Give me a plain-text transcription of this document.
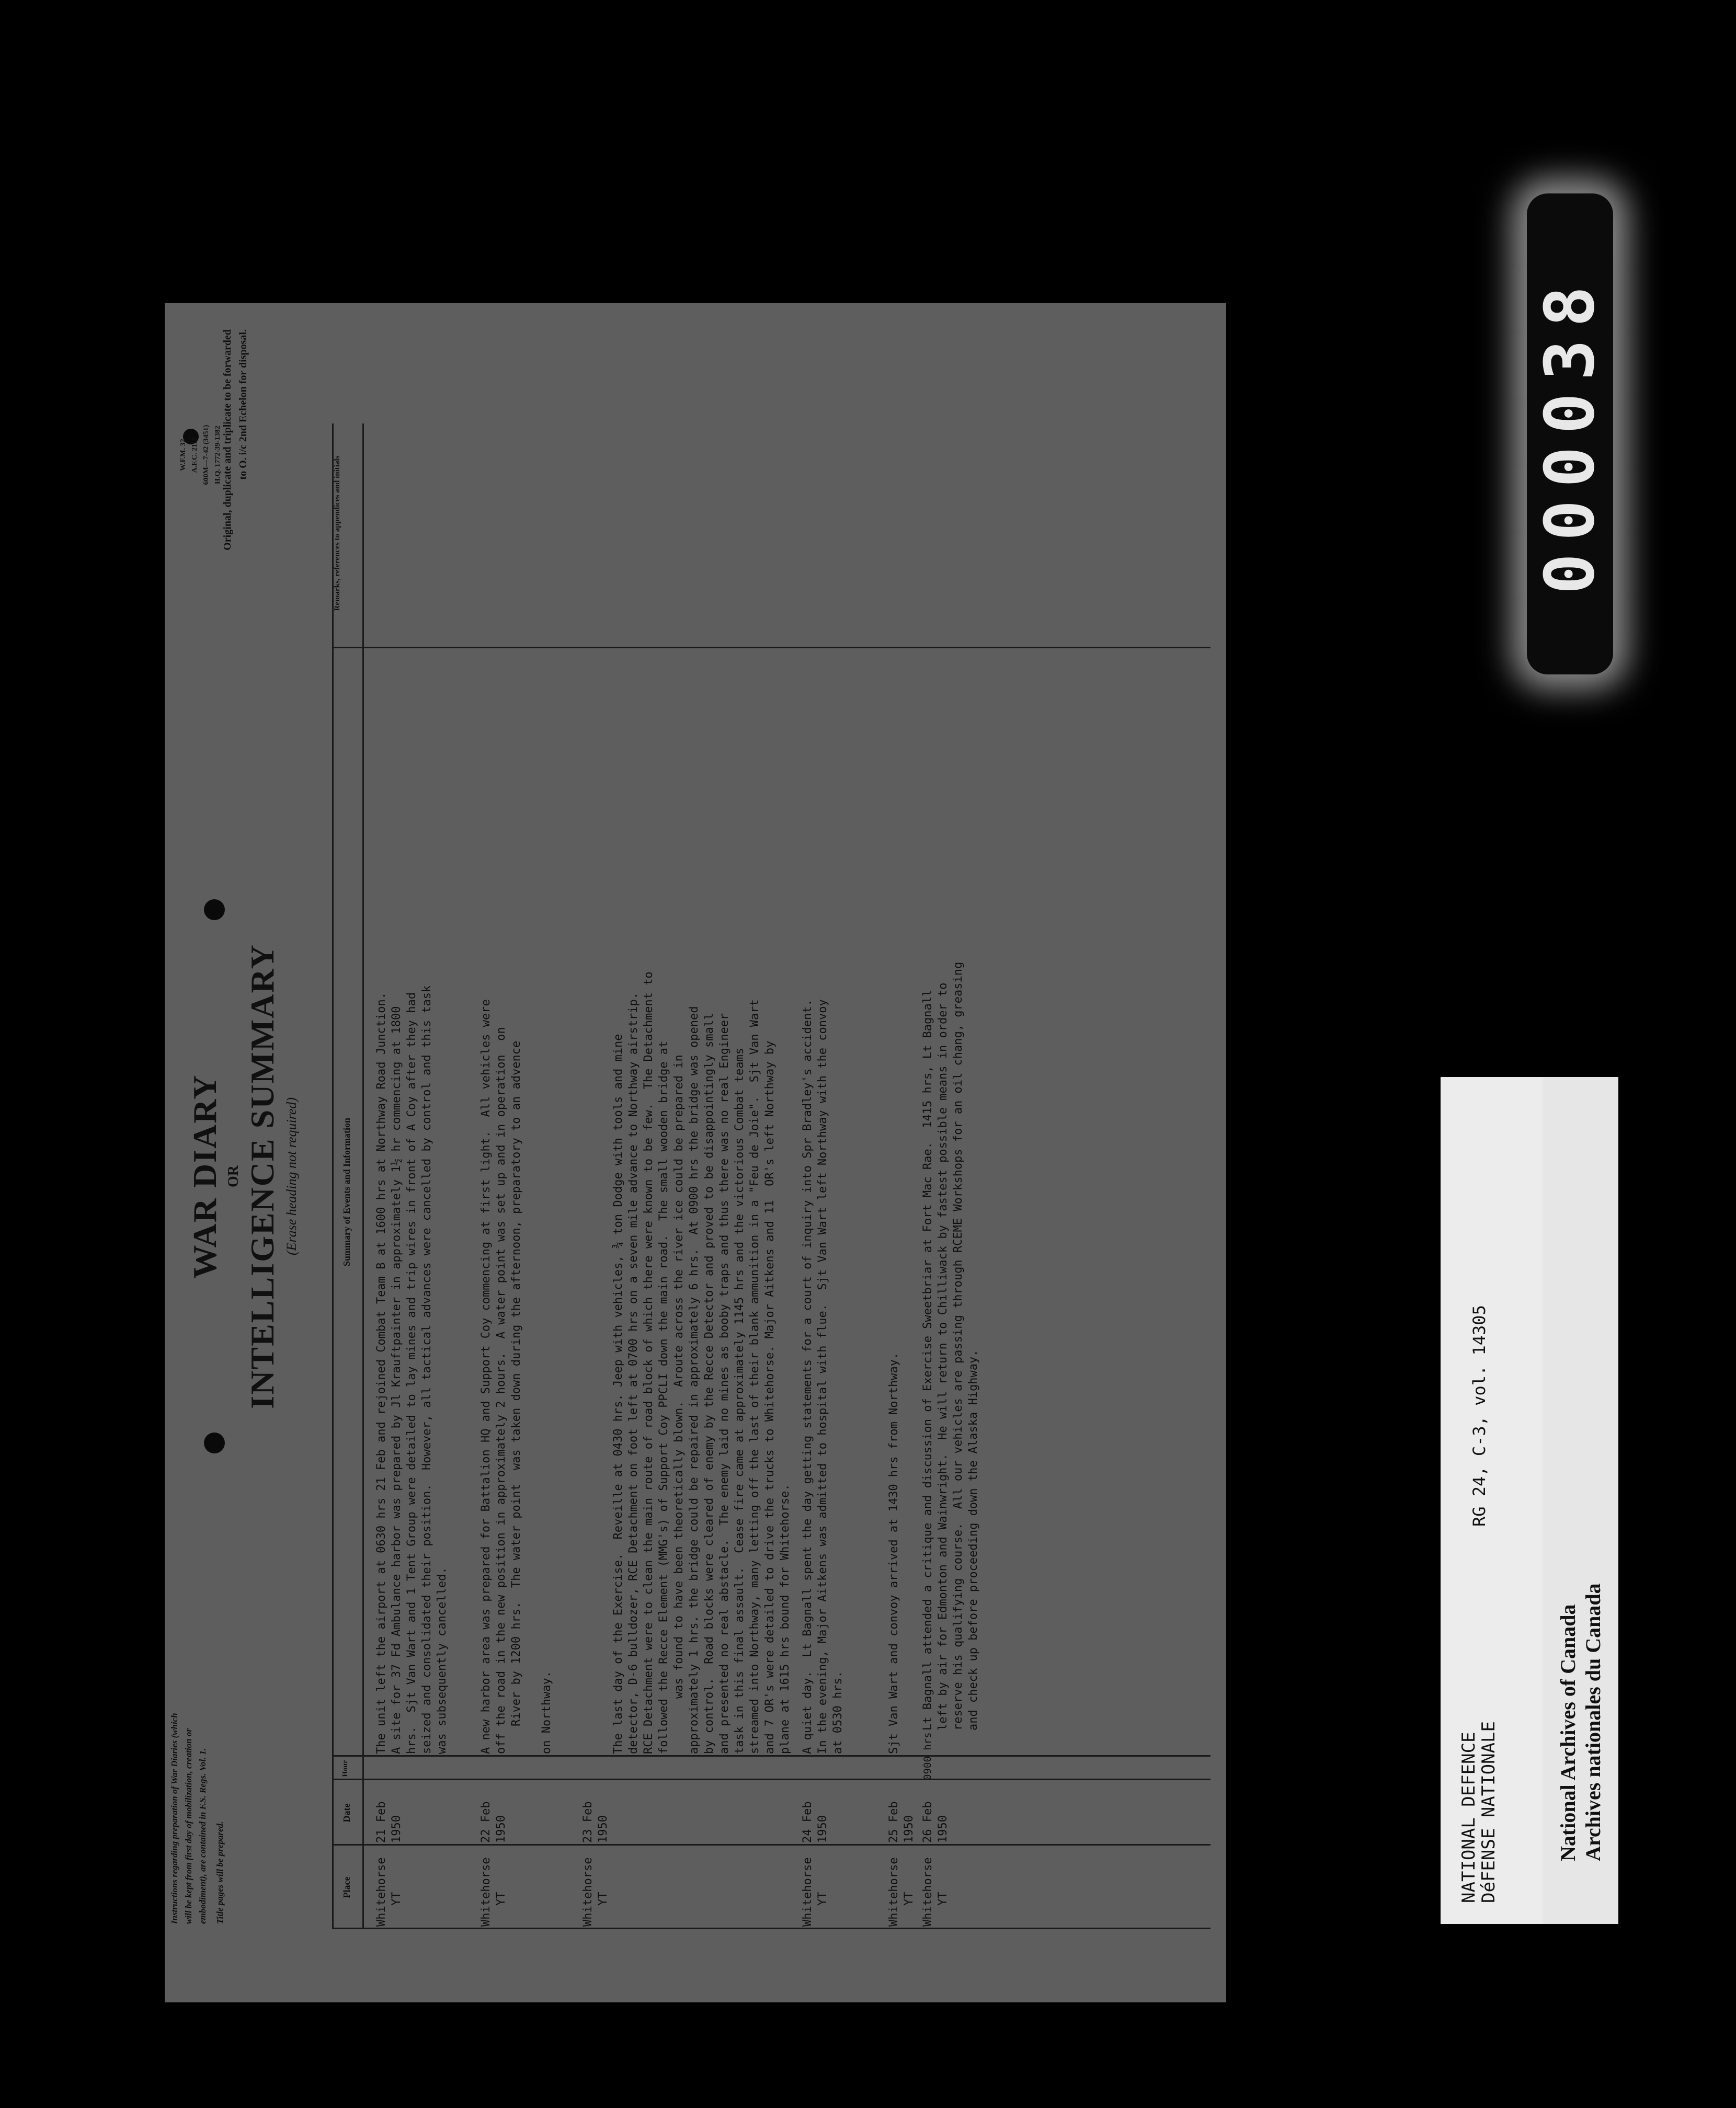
Instructions regarding preparation of War Diaries (which will be kept from first day of mobilization, creation or embodiment), are contained in F.S. Regs. Vol. 1. Title pages will be prepared.
WAR DIARY OR INTELLIGENCE SUMMARY (Erase heading not required)
W.F.M. 32 A.F.C. 2118 600M—7-42 (3451) H.Q. 1772-39-1382 Original, duplicate and triplicate to be forwarded to O. i/c 2nd Echelon for disposal.
Place
Date
Hour
Summary of Events and Information
Remarks, references to appendices and initials
Whitehorse YT
21 Feb 1950
The unit left the airport at 0630 hrs 21 Feb and rejoined Combat Team B at 1600 hrs at Northway Road Junction. A site for 37 Fd Ambulance harbor was prepared by Jl Krauftpainter in approximately 1½ hr commencing at 1800 hrs.  Sjt Van Wart and 1 Tent Group were detailed to lay mines and trip wires in front of A Coy after they had seized and consolidated their position.  However, all tactical advances were cancelled by control and this task was subsequently cancelled.
Whitehorse YT
22 Feb 1950
A new harbor area was prepared for Battalion HQ and Support Coy commencing at first light.  All vehicles were off the road in the new position in approximately 2 hours.  A water point was set up and in operation  on River by 1200 hrs.  The water point  was taken down during the afternoon, preparatory to an advence
on Northway.
Whitehorse YT
23 Feb 1950

The last day of the Exercise.  Reveille at 0430 hrs. Jeep with vehicles, ¾ ton Dodge with tools and mine detector, D-6 bulldozer, RCE Detachment on foot left at 0700 hrs on a seven mile advance to Northway airstrip. RCE Detachment were to clean the main route of road block of which there were known to be few.  The Detachment to followed the Recce Element (MMG's) of Support Coy PPCLI down the main road.  The small wooden bridge at was found to have been theoretically blown.  Aroute across the river ice could be prepared in approximately 1 hrs. the bridge could be repaired in approximately 6 hrs.  At 0900 hrs the bridge was opened by control.  Road blocks were cleared of enemy by the Recce Detector and proved to be disappointingly small and presented no real abstacle.  The enemy laid no mines as booby traps and thus there was no real Engineer task in this final assault.  Cease fire came at approximately 1145 hrs and the victorious Combat teams streamed into Northway, many letting off the last of their blank ammunition in a "Feu de Joie".  Sjt Van Wart and 7 OR's were detailed to drive the trucks to Whitehorse. Major Aitkens and 11  OR's left Northway by plane at 1615 hrs bound for Whitehorse.

Whitehorse YT
24 Feb 1950
A quiet day.  Lt Bagnall spent the day getting statements for a court of inquiry into Spr Bradley's accident. In the evening, Major Aitkens was admitted to hospital with flue.  Sjt Van Wart left Northway with the convoy at 0530 hrs.
Whitehorse YT
25 Feb 1950
Sjt Van Wart and convoy arrived at 1430 hrs from Northway.
Whitehorse YT
26 Feb 1950
0900 hrs
Lt Bagnall attended a critique and discussion of Exercise Sweetbriar at Fort Mac Rae.  1415 hrs, Lt Bagnall left by air for Edmonton and Wainwright.  He will return to Chilliwack by fastest possible means in order to reserve his qualifying course.  All our vehicles are passing through RCEME Workshops for an oil chang, greasing and check up before proceeding down the Alaska Highway.
000038
NATIONAL DEFENCE
DéFENSE NATIONALE
RG 24, C-3, vol. 14305
National Archives of Canada Archives nationales du Canada
